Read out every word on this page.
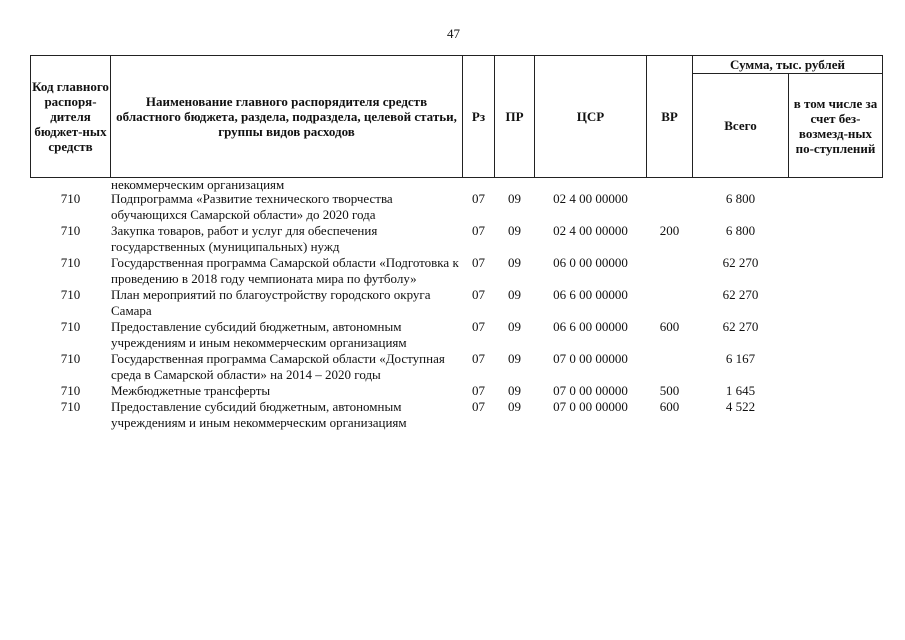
47
Код главного распоря-дителя бюджет-ных средств	Наименование главного распорядителя средств областного бюджета, раздела, подраздела, целевой статьи, группы видов расходов	Рз	ПР	ЦСР	ВР	Сумма, тыс. рублей	
						Всего	в том числе за счет без-возмезд-ных по-ступлений
	некоммерческим организациям						
710	Подпрограмма «Развитие технического творчества обучающихся Самарской области» до 2020 года	07	09	02 4 00 00000		6 800	
710	Закупка товаров, работ и услуг для обеспечения государственных (муниципальных) нужд	07	09	02 4 00 00000	200	6 800	
710	Государственная программа Самарской области «Подготовка к проведению в 2018 году чемпионата мира по футболу»	07	09	06 0 00 00000		62 270	
710	План мероприятий по благоустройству городского округа Самара	07	09	06 6 00 00000		62 270	
710	Предоставление субсидий бюджетным, автономным учреждениям и иным некоммерческим организациям	07	09	06 6 00 00000	600	62 270	
710	Государственная программа Самарской области «Доступная среда в Самарской области» на 2014 – 2020 годы	07	09	07 0 00 00000		6 167	
710	Межбюджетные трансферты	07	09	07 0 00 00000	500	1 645	
710	Предоставление субсидий бюджетным, автономным учреждениям и иным некоммерческим организациям	07	09	07 0 00 00000	600	4 522	
